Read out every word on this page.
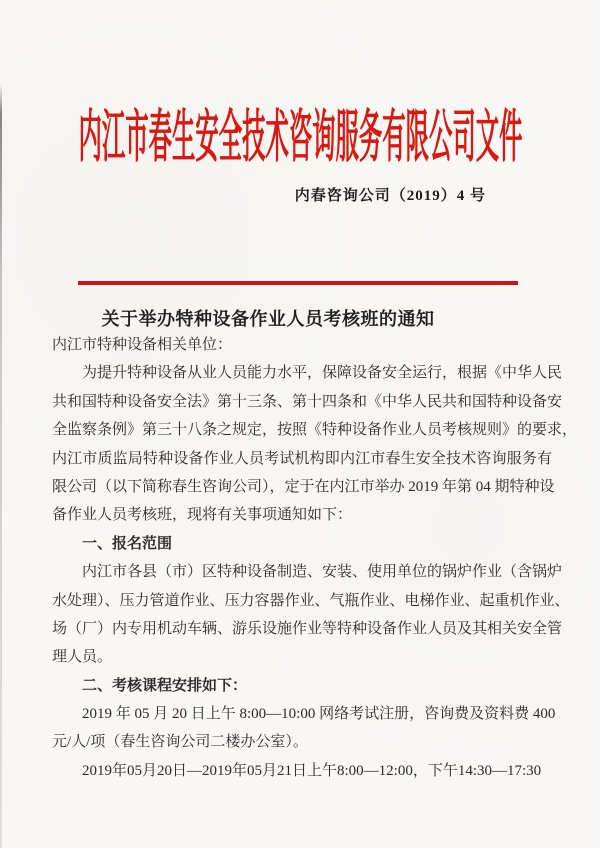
内江市春生安全技术咨询服务有限公司文件
内春咨询公司（2019）4 号
关于举办特种设备作业人员考核班的通知
内江市特种设备相关单位：
为提升特种设备从业人员能力水平，保障设备安全运行，根据《中华人民
共和国特种设备安全法》第十三条、第十四条和《中华人民共和国特种设备安
全监察条例》第三十八条之规定，按照《特种设备作业人员考核规则》的要求，
内江市质监局特种设备作业人员考试机构即内江市春生安全技术咨询服务有
限公司（以下简称春生咨询公司），定于在内江市举办 2019 年第 04 期特种设
备作业人员考核班，现将有关事项通知如下：
一、报名范围
内江市各县（市）区特种设备制造、安装、使用单位的锅炉作业（含锅炉
水处理）、压力管道作业、压力容器作业、气瓶作业、电梯作业、起重机作业、
场（厂）内专用机动车辆、游乐设施作业等特种设备作业人员及其相关安全管
理人员。
二、考核课程安排如下：
2019 年 05 月 20 日上午 8:00—10:00 网络考试注册，咨询费及资料费 400
元/人/项（春生咨询公司二楼办公室）。
2019年05月20日—2019年05月21日上午8:00—12:00，下午14:30—17:30
